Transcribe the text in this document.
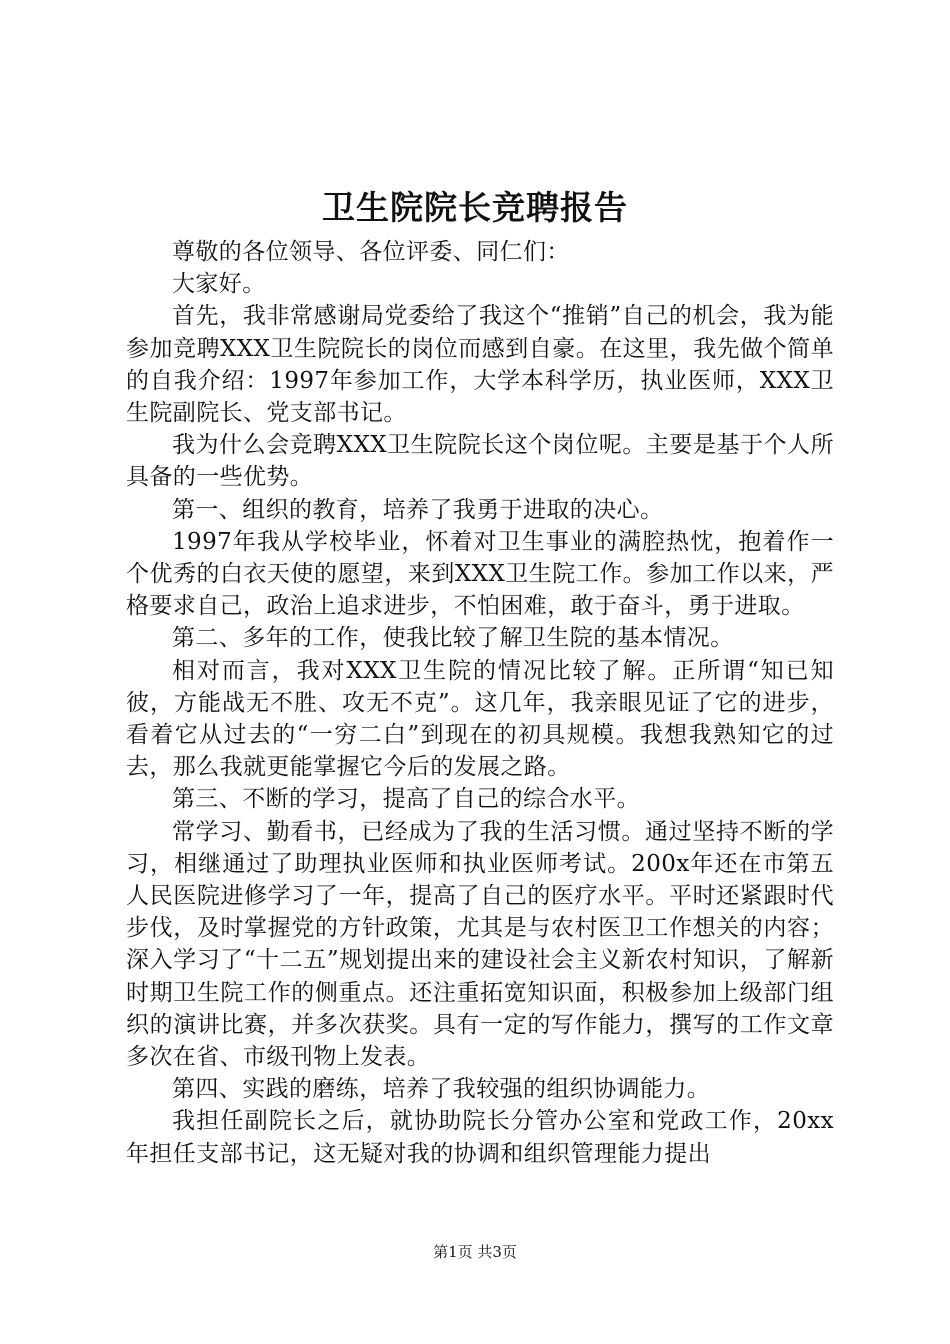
卫生院院长竞聘报告

尊敬的各位领导、各位评委、同仁们：

大家好。

首先，我非常感谢局党委给了我这个“推销”自己的机会，我为能参加竞聘XXX卫生院院长的岗位而感到自豪。在这里，我先做个简单的自我介绍：1997年参加工作，大学本科学历，执业医师，XXX卫生院副院长、党支部书记。

我为什么会竞聘XXX卫生院院长这个岗位呢。主要是基于个人所具备的一些优势。

第一、组织的教育，培养了我勇于进取的决心。

1997年我从学校毕业，怀着对卫生事业的满腔热忱，抱着作一个优秀的白衣天使的愿望，来到XXX卫生院工作。参加工作以来，严格要求自己，政治上追求进步，不怕困难，敢于奋斗，勇于进取。

第二、多年的工作，使我比较了解卫生院的基本情况。

相对而言，我对XXX卫生院的情况比较了解。正所谓“知已知彼，方能战无不胜、攻无不克”。这几年，我亲眼见证了它的进步，看着它从过去的“一穷二白”到现在的初具规模。我想我熟知它的过去，那么我就更能掌握它今后的发展之路。

第三、不断的学习，提高了自己的综合水平。

常学习、勤看书，已经成为了我的生活习惯。通过坚持不断的学习，相继通过了助理执业医师和执业医师考试。200x年还在市第五人民医院进修学习了一年，提高了自己的医疗水平。平时还紧跟时代步伐，及时掌握党的方针政策，尤其是与农村医卫工作想关的内容；深入学习了“十二五”规划提出来的建设社会主义新农村知识，了解新时期卫生院工作的侧重点。还注重拓宽知识面，积极参加上级部门组织的演讲比赛，并多次获奖。具有一定的写作能力，撰写的工作文章多次在省、市级刊物上发表。

第四、实践的磨练，培养了我较强的组织协调能力。

我担任副院长之后，就协助院长分管办公室和党政工作，20xx年担任支部书记，这无疑对我的协调和组织管理能力提出

第1页 共3页
